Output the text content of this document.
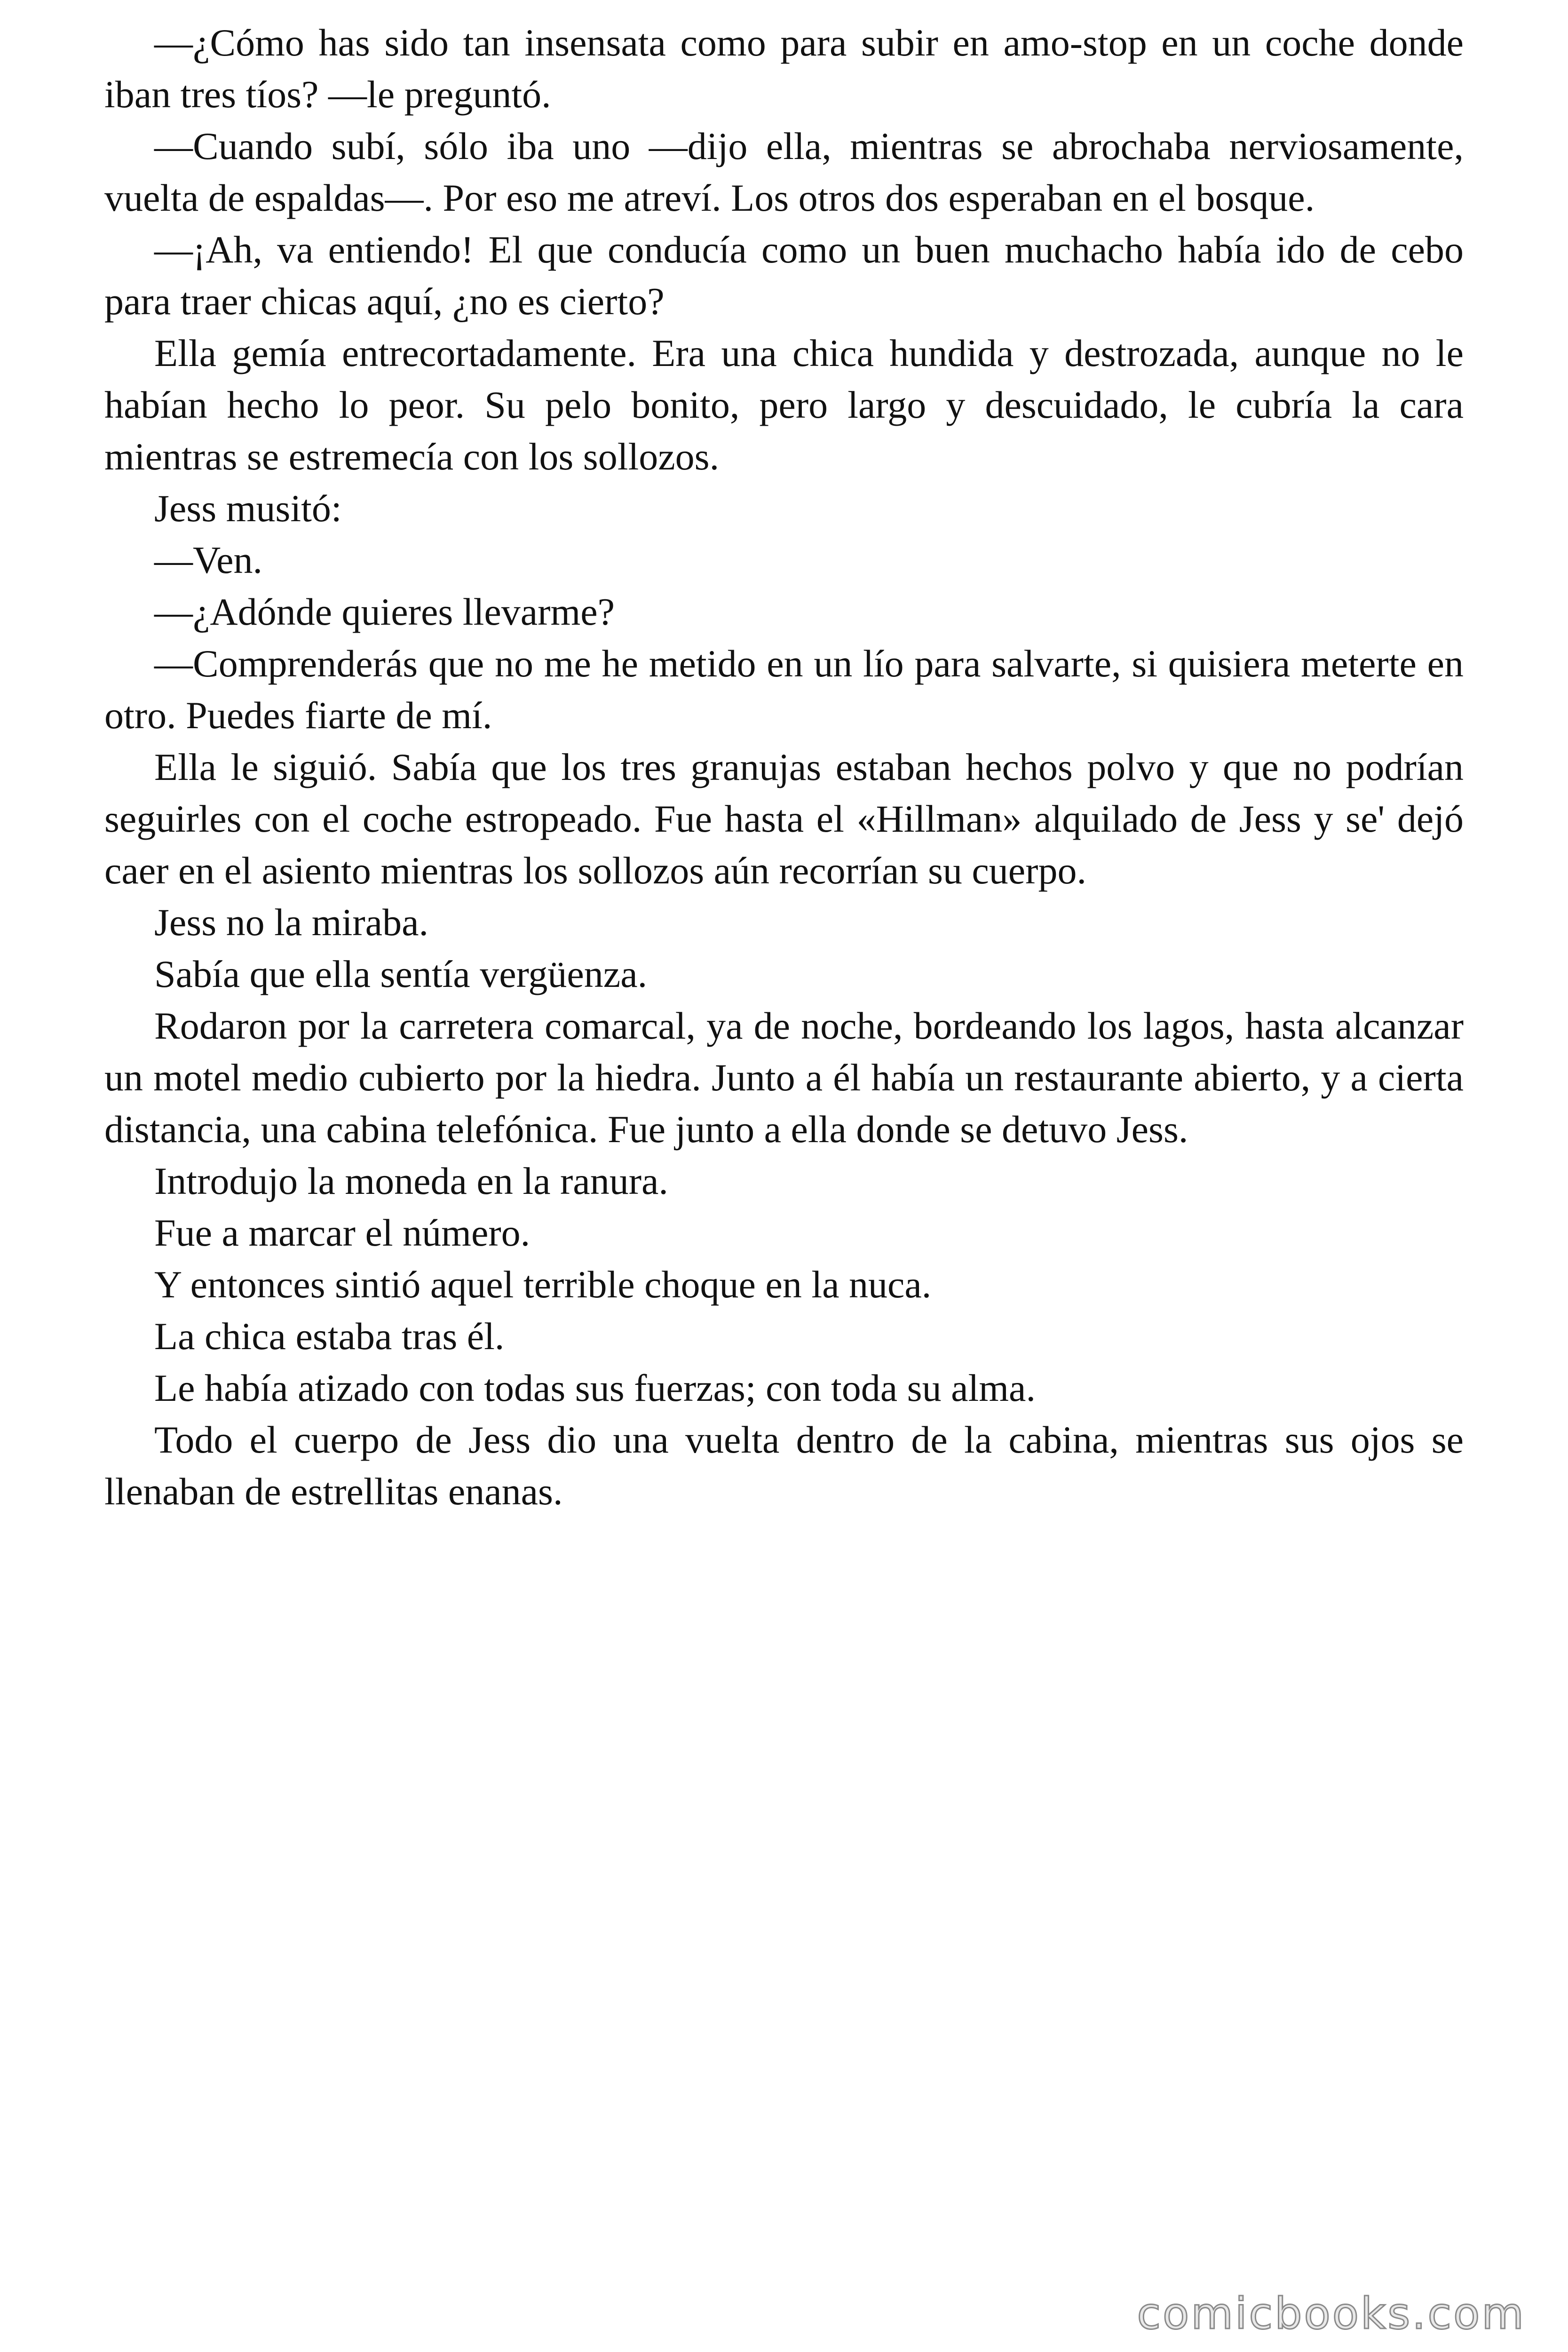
—¿Cómo has sido tan insensata como para subir en amo-stop en un coche donde iban tres tíos? —le preguntó.

—Cuando subí, sólo iba uno —dijo ella, mientras se abrochaba nerviosamente, vuelta de espaldas—. Por eso me atreví. Los otros dos esperaban en el bosque.

—¡Ah, va entiendo! El que conducía como un buen muchacho había ido de cebo para traer chicas aquí, ¿no es cierto?

Ella gemía entrecortadamente. Era una chica hundida y destrozada, aunque no le habían hecho lo peor. Su pelo bonito, pero largo y descuidado, le cubría la cara mientras se estremecía con los sollozos.

Jess musitó:

—Ven.

—¿Adónde quieres llevarme?

—Comprenderás que no me he metido en un lío para salvarte, si quisiera meterte en otro. Puedes fiarte de mí.

Ella le siguió. Sabía que los tres granujas estaban hechos polvo y que no podrían seguirles con el coche estropeado. Fue hasta el «Hillman» alquilado de Jess y se' dejó caer en el asiento mientras los sollozos aún recorrían su cuerpo.

Jess no la miraba.

Sabía que ella sentía vergüenza.

Rodaron por la carretera comarcal, ya de noche, bordeando los lagos, hasta alcanzar un motel medio cubierto por la hiedra. Junto a él había un restaurante abierto, y a cierta distancia, una cabina telefónica. Fue junto a ella donde se detuvo Jess.

Introdujo la moneda en la ranura.

Fue a marcar el número.

Y entonces sintió aquel terrible choque en la nuca.

La chica estaba tras él.

Le había atizado con todas sus fuerzas; con toda su alma.

Todo el cuerpo de Jess dio una vuelta dentro de la cabina, mientras sus ojos se llenaban de estrellitas enanas.

comicbooks.com
